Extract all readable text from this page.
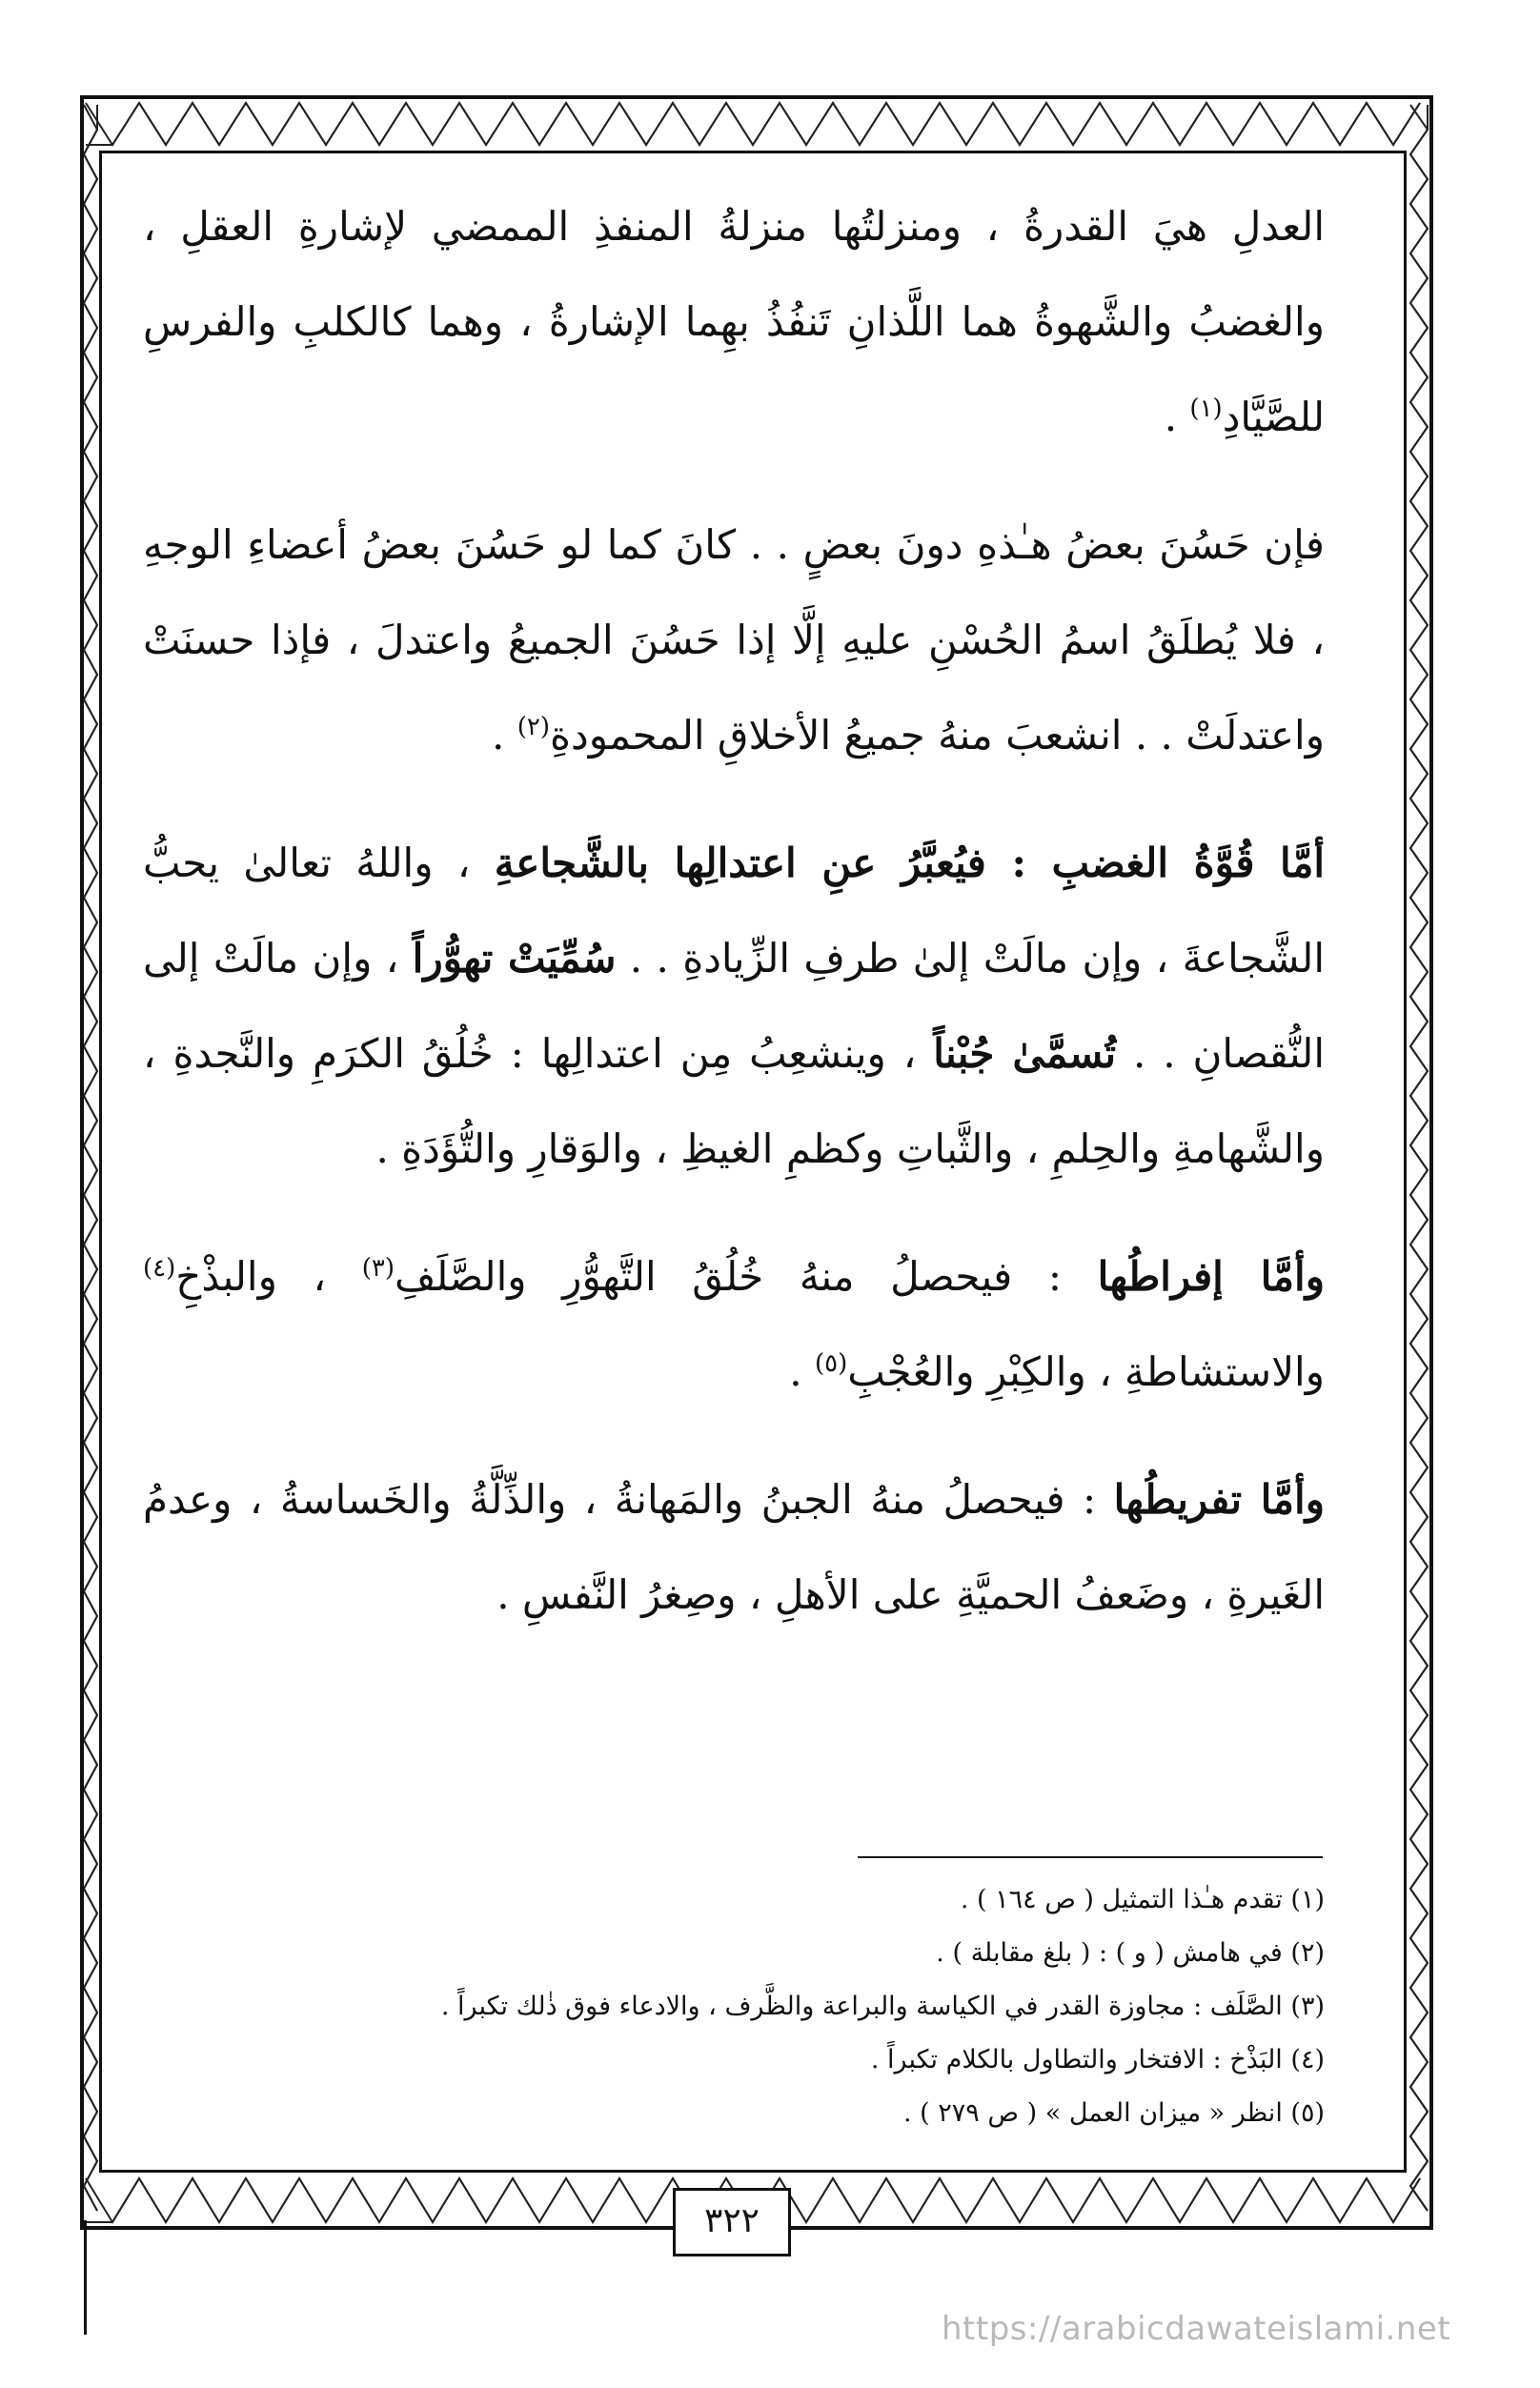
العدلِ هيَ القدرةُ ، ومنزلتُها منزلةُ المنفذِ الممضي لإشارةِ العقلِ ، والغضبُ والشَّهوةُ هما اللَّذانِ تَنفُذُ بهِما الإشارةُ ، وهما كالكلبِ والفرسِ للصَّيَّادِ$^{(١)}$ .

فإن حَسُنَ بعضُ هـٰذهِ دونَ بعضٍ . . كانَ كما لو حَسُنَ بعضُ أعضاءِ الوجهِ ، فلا يُطلَقُ اسمُ الحُسْنِ عليهِ إلَّا إذا حَسُنَ الجميعُ واعتدلَ ، فإذا حسنَتْ واعتدلَتْ . . انشعبَ منهُ جميعُ الأخلاقِ المحمودةِ$^{(٢)}$ .

أمَّا قُوَّةُ الغضبِ : فيُعبَّرُ عنِ اعتدالِها بالشَّجاعةِ ، واللهُ تعالىٰ يحبُّ الشَّجاعةَ ، وإن مالَتْ إلىٰ طرفِ الزِّيادةِ . . سُمِّيَتْ تهوُّراً ، وإن مالَتْ إلى النُّقصانِ . . تُسمَّىٰ جُبْناً ، وينشعِبُ مِن اعتدالِها : خُلُقُ الكرَمِ والنَّجدةِ ، والشَّهامةِ والحِلمِ ، والثَّباتِ وكظمِ الغيظِ ، والوَقارِ والتُّؤَدَةِ .

وأمَّا إفراطُها : فيحصلُ منهُ خُلُقُ التَّهوُّرِ والصَّلَفِ$^{(٣)}$ ، والبذْخِ$^{(٤)}$ والاستشاطةِ ، والكِبْرِ والعُجْبِ$^{(٥)}$ .

وأمَّا تفريطُها : فيحصلُ منهُ الجبنُ والمَهانةُ ، والذِّلَّةُ والخَساسةُ ، وعدمُ الغَيرةِ ، وضَعفُ الحميَّةِ على الأهلِ ، وصِغرُ النَّفسِ .

(١) تقدم هـٰذا التمثيل ( ص ١٦٤ ) .
(٢) في هامش ( و ) : ( بلغ مقابلة ) .
(٣) الصَّلَف : مجاوزة القدر في الكياسة والبراعة والظَّرف ، والادعاء فوق ذٰلك تكبراً .
(٤) البَذْخ : الافتخار والتطاول بالكلام تكبراً .
(٥) انظر « ميزان العمل » ( ص ٢٧٩ ) .
٣٢٢
https://arabicdawateislami.net
